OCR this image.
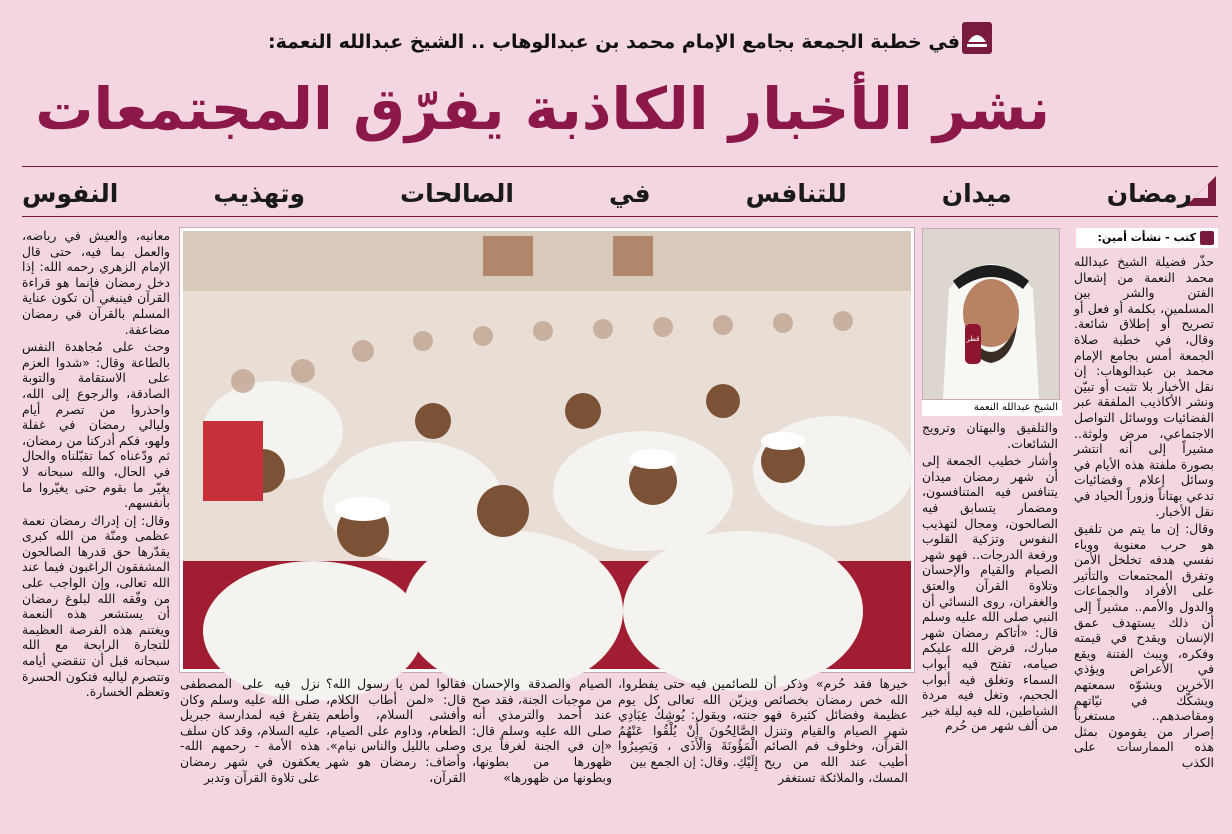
في خطبة الجمعة بجامع الإمام محمد بن عبدالوهاب .. الشيخ عبدالله النعمة:
نشر الأخبار الكاذبة يفرّق المجتمعات
رمضان ميدان للتنافس في الصالحات وتهذيب النفوس
كتب - نشأت أمين:

حذّر فضيلة الشيخ عبدالله محمد النعمة من إشعال الفتن والشر بين المسلمين، بكلمة أو فعل أو تصريح أو إطلاق شائعة. وقال، في خطبة صلاة الجمعة أمس بجامع الإمام محمد بن عبدالوهاب: إن نقل الأخبار بلا تثبت أو تبيّن ونشر الأكاذيب الملفقة عبر الفضائيات ووسائل التواصل الاجتماعي، مرض ولوثة.. مشيراً إلى أنه انتشر بصورة ملفتة هذه الأيام في وسائل إعلام وفضائيات تدعي بهتاناً وزوراً الحياد في نقل الأخبار.

وقال: إن ما يتم من تلفيق هو حرب معنوية ووباء نفسي هدفه تخلخل الأمن وتفرق المجتمعات والتأثير على الأفراد والجماعات والدول والأمم.. مشيراً إلى أن ذلك يستهدف عمق الإنسان ويقدح في قيمته وفكره، ويبث الفتنة ويقع في الأعراض ويؤذي الآخرين ويشوّه سمعتهم ويشكّك في نيّاتهم ومقاصدهم.. مستغرباً إصرار من يقومون بمثل هذه الممارسات على الكذب

قطر
الشيخ عبدالله النعمة

والتلفيق والبهتان وترويج الشائعات.

وأشار خطيب الجمعة إلى أن شهر رمضان ميدان يتنافس فيه المتنافسون، ومضمار يتسابق فيه الصالحون، ومجال لتهذيب النفوس وتزكية القلوب ورفعة الدرجات.. فهو شهر الصيام والقيام والإحسان وتلاوة القرآن والعتق والغفران، روى النسائي أن النبي صلى الله عليه وسلم قال: «أتاكم رمضان شهر مبارك، فرض الله عليكم صيامه، تفتح فيه أبواب السماء وتغلق فيه أبواب الجحيم، وتغل فيه مردة الشياطين، لله فيه ليلة خير من ألف شهر من حُرم

معانيه، والعيش في رياضه، والعمل بما فيه، حتى قال الإمام الزهري رحمه الله: إذا دخل رمضان فإنما هو قراءة القرآن فينبغي أن تكون عناية المسلم بالقرآن في رمضان مضاعفة.

وحث على مُجاهدة النفس بالطاعة وقال: «شدوا العزم على الاستقامة والتوبة الصادقة، والرجوع إلى الله، واحذروا من تصرم أيام وليالي رمضان في غفلة ولهو، فكم أدركنا من رمضان، ثم ودّعناه كما تقبّلناه والحال في الحال، والله سبحانه لا يغيّر ما بقوم حتى يغيّروا ما بأنفسهم.

وقال: إن إدراك رمضان نعمة عظمى ومنّة من الله كبرى يقدّرها حق قدرها الصالحون المشفقون الراغبون فيما عند الله تعالى، وإن الواجب على من وفّقه الله لبلوغ رمضان أن يستشعر هذه النعمة ويغتنم هذه الفرصة العظيمة للتجارة الرابحة مع الله سبحانه قبل أن تنقضي أيامه وتتصرم لياليه فتكون الحسرة وتعظم الخسارة.

خيرها فقد حُرم» وذكر أن الله خص رمضان بخصائص عظيمة وفضائل كثيرة فهو شهر الصيام والقيام وتنزل القرآن، وخلوف فم الصائم أطيب عند الله من ريح المسك، والملائكة تستغفر
للصائمين فيه حتى يفطروا، ويزيّن الله تعالى كل يوم جنته، ويقول: يُوشِكُ عِبَادِي الصَّالِحُونَ أَنْ يُلْقُوا عَنْهُمُ الْمَؤُونَةَ وَالْأَذَى ، وَيَصِيرُوا إِلَيْكِ. وقال: إن الجمع بين
الصيام والصدقة والإحسان من موجبات الجنة، فقد صح عند أحمد والترمذي أنه صلى الله عليه وسلم قال: «إن في الجنة لغرفاً يرى ظهورها من بطونها، وبطونها من ظهورها»
فقالوا لمن يا رسول الله؟ قال: «لمن أطاب الكلام، وأفشى السلام، وأطعم الطعام، وداوم على الصيام، وصلى بالليل والناس نيام». وأضاف: رمضان هو شهر القرآن،
نزل فيه على المصطفى صلى الله عليه وسلم وكان يتفرغ فيه لمدارسة جبريل عليه السلام، وقد كان سلف هذه الأمة - رحمهم الله- يعكفون في شهر رمضان على تلاوة القرآن وتدبر
